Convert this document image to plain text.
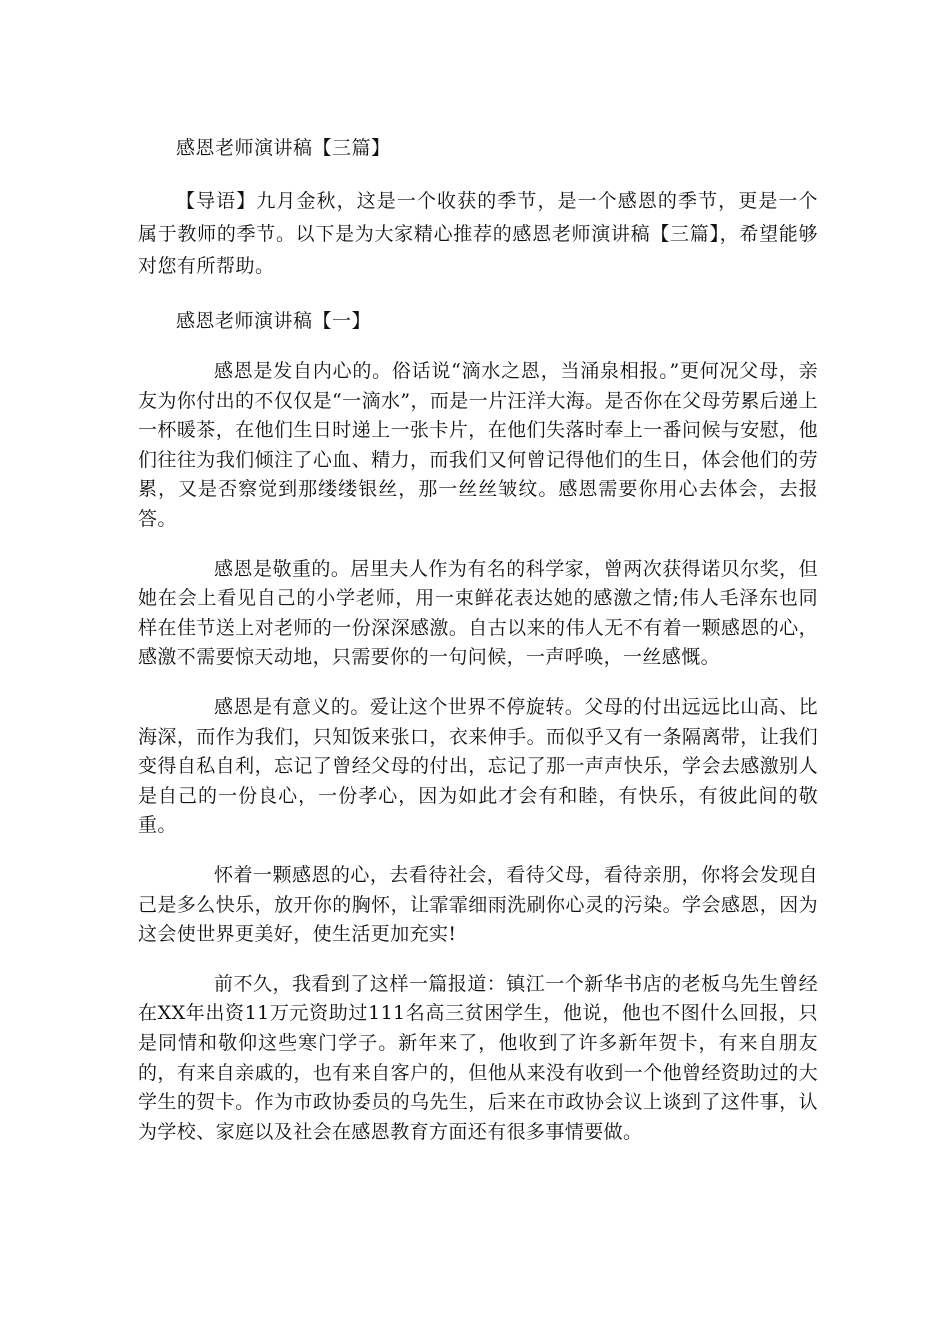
感恩老师演讲稿【三篇】

【导语】九月金秋，这是一个收获的季节，是一个感恩的季节，更是一个属于教师的季节。以下是为大家精心推荐的感恩老师演讲稿【三篇】，希望能够对您有所帮助。

感恩老师演讲稿【一】

感恩是发自内心的。俗话说“滴水之恩，当涌泉相报。”更何况父母，亲友为你付出的不仅仅是“一滴水”，而是一片汪洋大海。是否你在父母劳累后递上一杯暖茶，在他们生日时递上一张卡片，在他们失落时奉上一番问候与安慰，他们往往为我们倾注了心血、精力，而我们又何曾记得他们的生日，体会他们的劳累，又是否察觉到那缕缕银丝，那一丝丝皱纹。感恩需要你用心去体会，去报答。

感恩是敬重的。居里夫人作为有名的科学家，曾两次获得诺贝尔奖，但她在会上看见自己的小学老师，用一束鲜花表达她的感激之情;伟人毛泽东也同样在佳节送上对老师的一份深深感激。自古以来的伟人无不有着一颗感恩的心，感激不需要惊天动地，只需要你的一句问候，一声呼唤，一丝感慨。

感恩是有意义的。爱让这个世界不停旋转。父母的付出远远比山高、比海深，而作为我们，只知饭来张口，衣来伸手。而似乎又有一条隔离带，让我们变得自私自利，忘记了曾经父母的付出，忘记了那一声声快乐，学会去感激别人是自己的一份良心，一份孝心，因为如此才会有和睦，有快乐，有彼此间的敬重。

怀着一颗感恩的心，去看待社会，看待父母，看待亲朋，你将会发现自己是多么快乐，放开你的胸怀，让霏霏细雨洗刷你心灵的污染。学会感恩，因为这会使世界更美好，使生活更加充实!

前不久，我看到了这样一篇报道：镇江一个新华书店的老板乌先生曾经在XX年出资11万元资助过111名高三贫困学生，他说，他也不图什么回报，只是同情和敬仰这些寒门学子。新年来了，他收到了许多新年贺卡，有来自朋友的，有来自亲戚的，也有来自客户的，但他从来没有收到一个他曾经资助过的大学生的贺卡。作为市政协委员的乌先生，后来在市政协会议上谈到了这件事，认为学校、家庭以及社会在感恩教育方面还有很多事情要做。
